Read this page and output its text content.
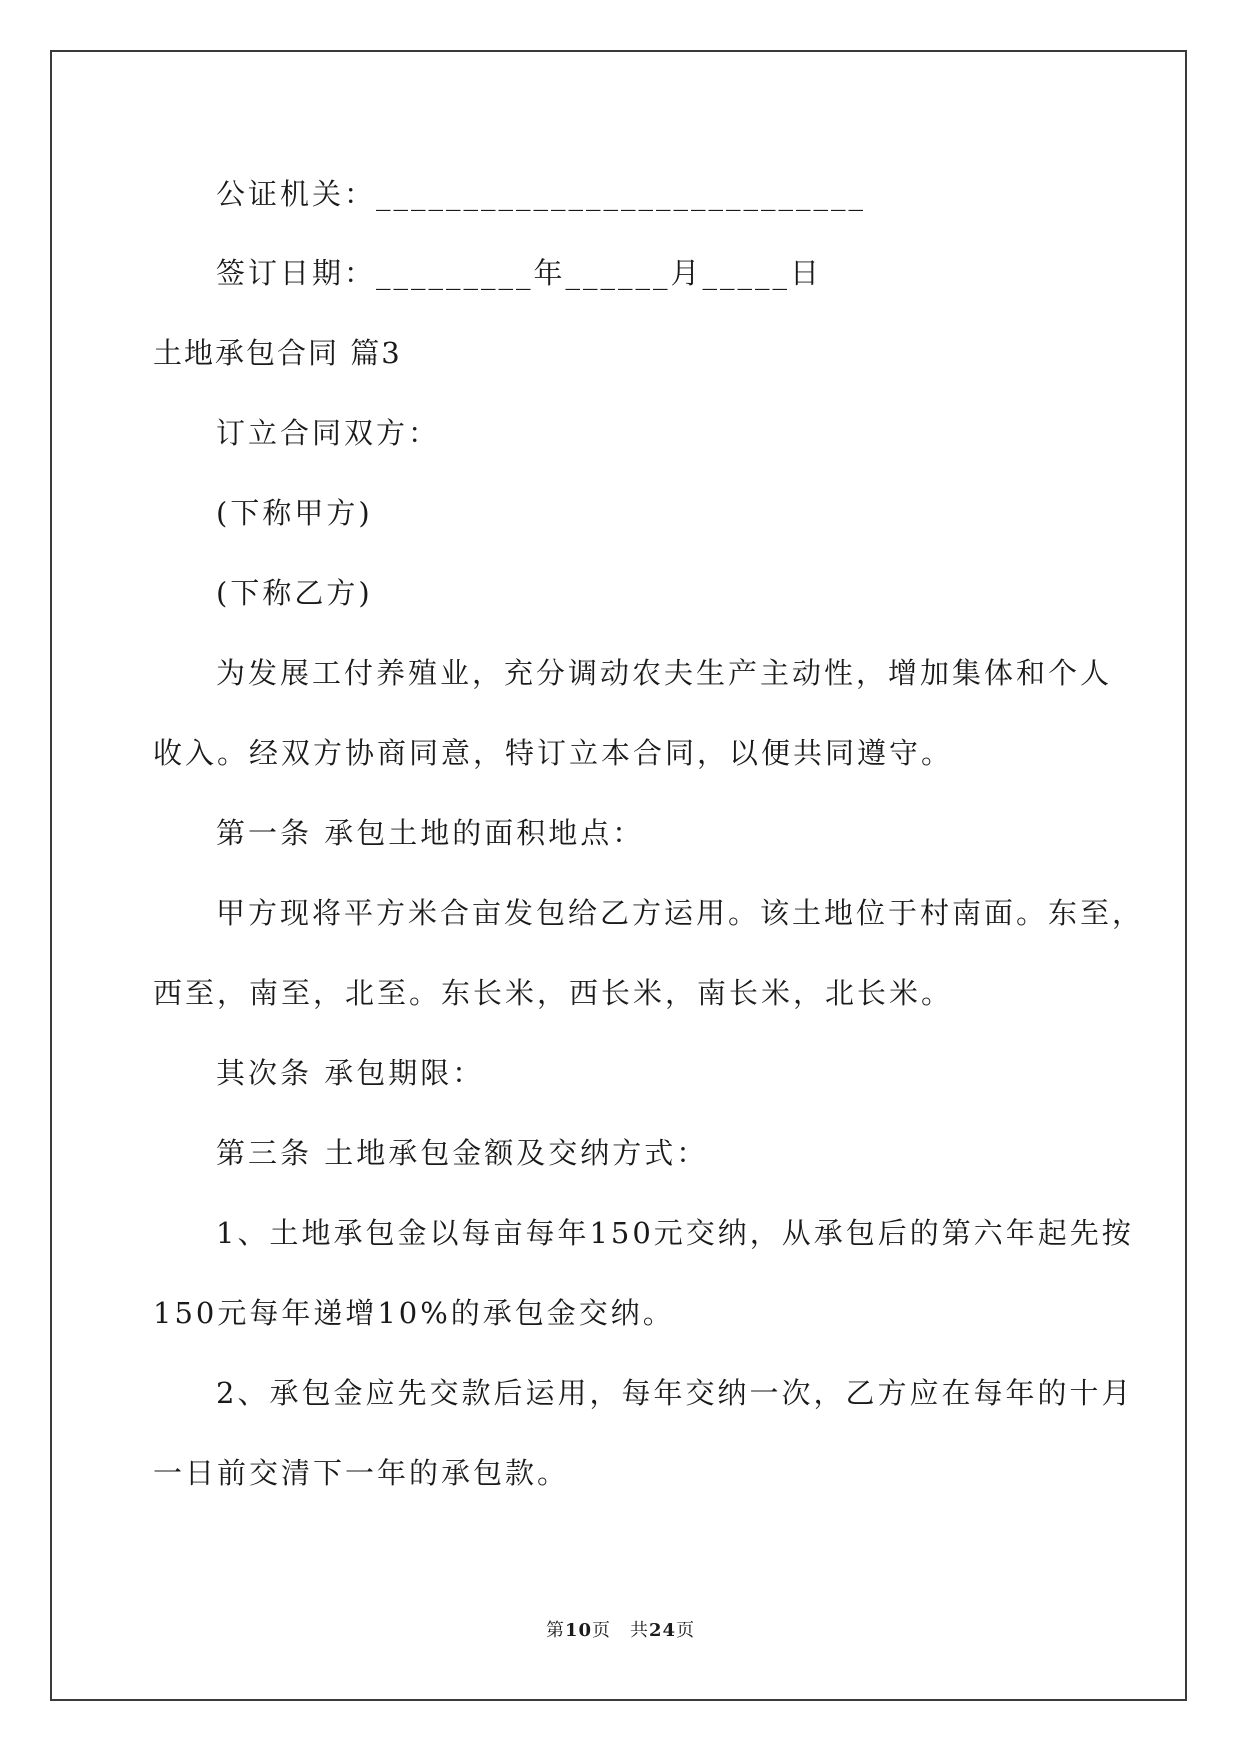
公证机关：____________________________
签订日期：_________年______月_____日
土地承包合同 篇3
订立合同双方：
(下称甲方)
(下称乙方)
为发展工付养殖业，充分调动农夫生产主动性，增加集体和个人
收入。经双方协商同意，特订立本合同，以便共同遵守。
第一条 承包土地的面积地点：
甲方现将平方米合亩发包给乙方运用。该土地位于村南面。东至，
西至，南至，北至。东长米，西长米，南长米，北长米。
其次条 承包期限：
第三条 土地承包金额及交纳方式：
1、土地承包金以每亩每年150元交纳，从承包后的第六年起先按
150元每年递增10%的承包金交纳。
2、承包金应先交款后运用，每年交纳一次，乙方应在每年的十月
一日前交清下一年的承包款。
第10页　共24页
